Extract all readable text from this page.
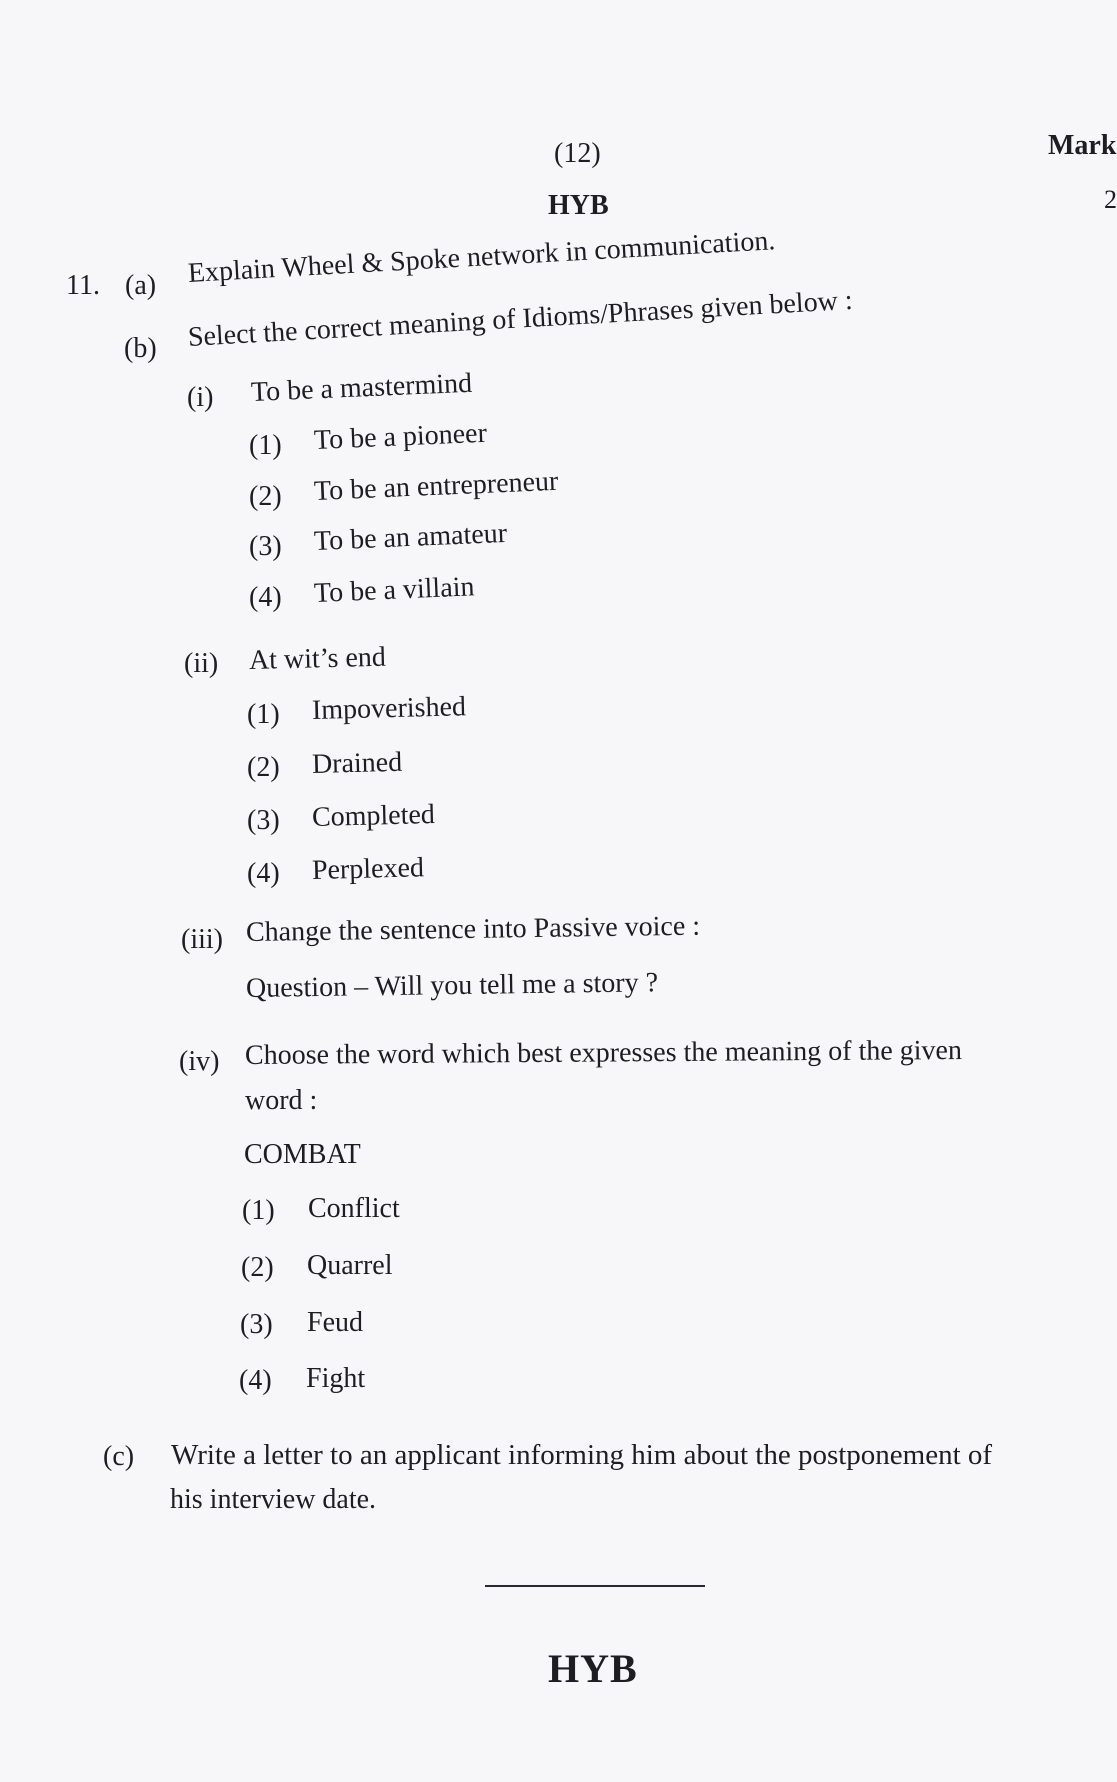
(12)
HYB
Mark
2
11. (a) Explain Wheel & Spoke network in communication.
(b) Select the correct meaning of Idioms/Phrases given below :
(i) To be a mastermind
(1) To be a pioneer
(2) To be an entrepreneur
(3) To be an amateur
(4) To be a villain
(ii) At wit’s end
(1) Impoverished
(2) Drained
(3) Completed
(4) Perplexed
(iii) Change the sentence into Passive voice :
Question – Will you tell me a story ?
(iv) Choose the word which best expresses the meaning of the given
word :
COMBAT
(1) Conflict
(2) Quarrel
(3) Feud
(4) Fight
(c) Write a letter to an applicant informing him about the postponement of
his interview date.
HYB
